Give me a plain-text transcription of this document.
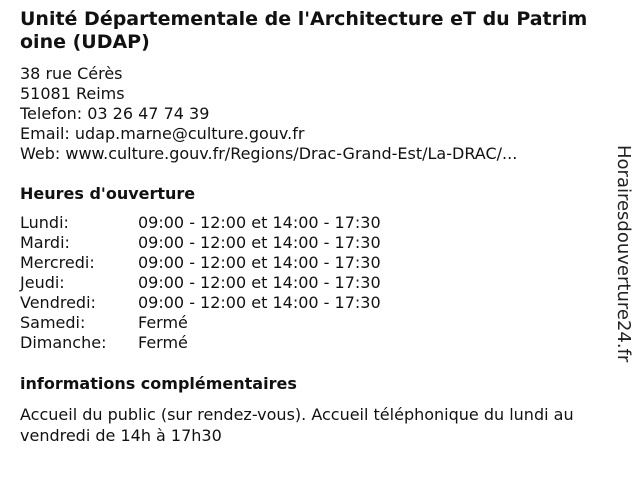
Unité Départementale de l'Architecture eT du Patrimoine (UDAP)
38 rue Cérès
51081 Reims
Telefon: 03 26 47 74 39
Email: udap.marne@culture.gouv.fr
Web: www.culture.gouv.fr/Regions/Drac-Grand-Est/La-DRAC/...
Heures d'ouverture
Lundi:	09:00 - 12:00 et 14:00 - 17:30
Mardi:	09:00 - 12:00 et 14:00 - 17:30
Mercredi:	09:00 - 12:00 et 14:00 - 17:30
Jeudi:	09:00 - 12:00 et 14:00 - 17:30
Vendredi:	09:00 - 12:00 et 14:00 - 17:30
Samedi:	Fermé
Dimanche:	Fermé
informations complémentaires

Accueil du public (sur rendez-vous). Accueil téléphonique du lundi au vendredi de 14h à 17h30

Horairesdouverture24.fr
